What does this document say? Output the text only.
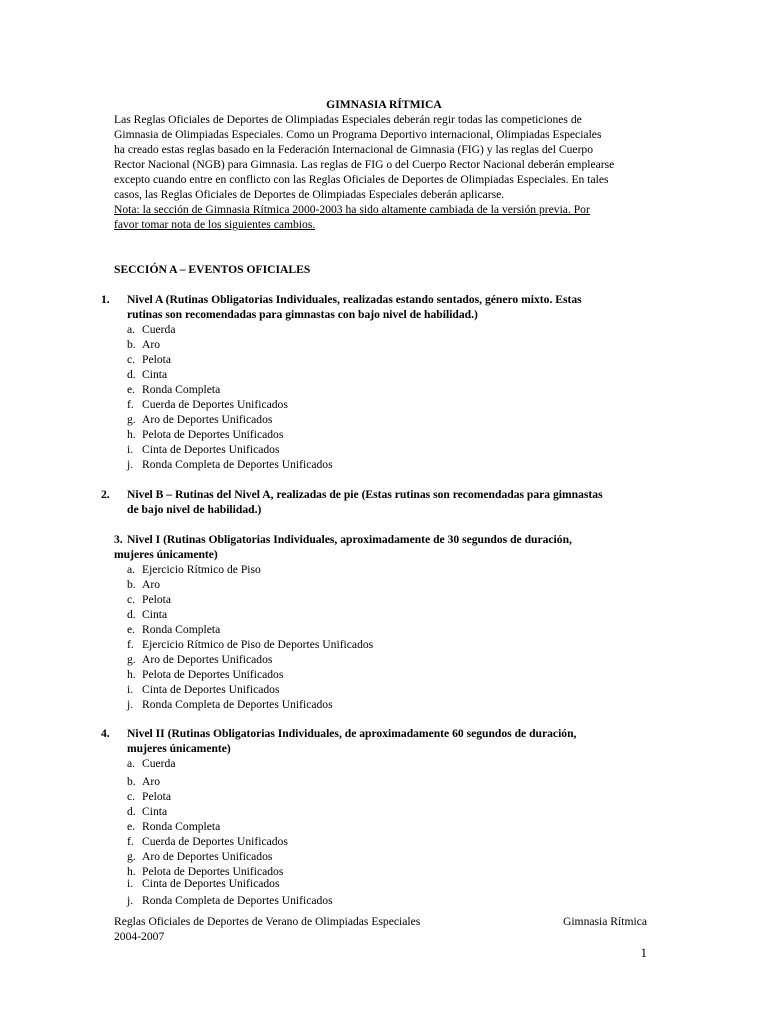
GIMNASIA RÍTMICA

Las Reglas Oficiales de Deportes de Olimpiadas Especiales deberán regir todas las competiciones de

Gimnasia de Olimpiadas Especiales. Como un Programa Deportivo internacional, Olimpiadas Especiales

ha creado estas reglas basado en la Federación Internacional de Gimnasia (FIG) y las reglas del Cuerpo

Rector Nacional (NGB) para Gimnasia. Las reglas de FIG o del Cuerpo Rector Nacional deberán emplearse

excepto cuando entre en conflicto con las Reglas Oficiales de Deportes de Olimpiadas Especiales. En tales

casos, las Reglas Oficiales de Deportes de Olimpiadas Especiales deberán aplicarse.

Nota: la sección de Gimnasia Rítmica 2000-2003 ha sido altamente cambiada de la versión previa. Por
favor tomar nota de los siguientes cambios.
SECCIÓN A – EVENTOS OFICIALES
1. Nivel A (Rutinas Obligatorias Individuales, realizadas estando sentados, género mixto. Estas
rutinas son recomendadas para gimnastas con bajo nivel de habilidad.)
a. Cuerda
b. Aro
c. Pelota
d. Cinta
e. Ronda Completa
f. Cuerda de Deportes Unificados
g. Aro de Deportes Unificados
h. Pelota de Deportes Unificados
i. Cinta de Deportes Unificados
j. Ronda Completa de Deportes Unificados
2. Nivel B – Rutinas del Nivel A, realizadas de pie (Estas rutinas son recomendadas para gimnastas
de bajo nivel de habilidad.)
3. Nivel I (Rutinas Obligatorias Individuales, aproximadamente de 30 segundos de duración,
mujeres únicamente)
a. Ejercicio Rítmico de Piso
b. Aro
c. Pelota
d. Cinta
e. Ronda Completa
f. Ejercicio Rítmico de Piso de Deportes Unificados
g. Aro de Deportes Unificados
h. Pelota de Deportes Unificados
i. Cinta de Deportes Unificados
j. Ronda Completa de Deportes Unificados
4. Nivel II (Rutinas Obligatorias Individuales, de aproximadamente 60 segundos de duración,
mujeres únicamente)
a. Cuerda
b. Aro
c. Pelota
d. Cinta
e. Ronda Completa
f. Cuerda de Deportes Unificados
g. Aro de Deportes Unificados
h. Pelota de Deportes Unificados
i. Cinta de Deportes Unificados
j. Ronda Completa de Deportes Unificados
Reglas Oficiales de Deportes de Verano de Olimpiadas Especiales
2004-2007
Gimnasia Rítmica
1
